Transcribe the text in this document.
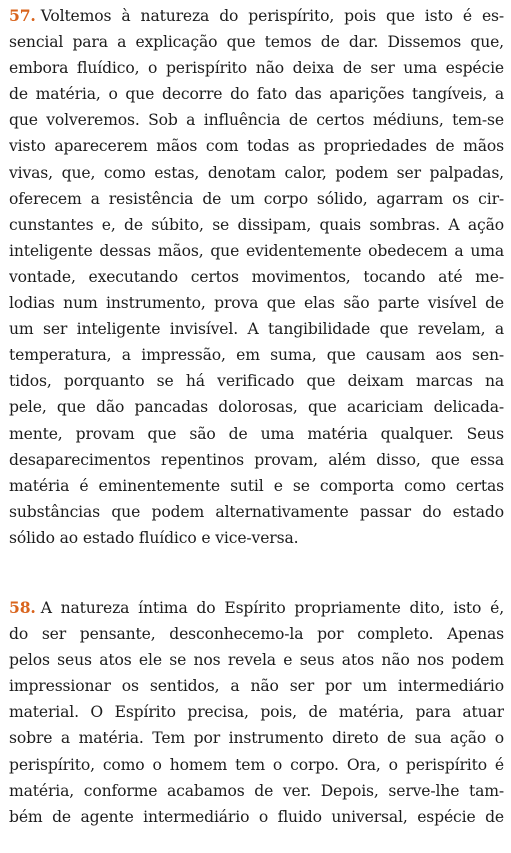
57. Voltemos à natureza do perispírito, pois que isto é es-
sencial para a explicação que temos de dar. Dissemos que,
embora fluídico, o perispírito não deixa de ser uma espécie
de matéria, o que decorre do fato das aparições tangíveis, a
que volveremos. Sob a influência de certos médiuns, tem-se
visto aparecerem mãos com todas as propriedades de mãos
vivas, que, como estas, denotam calor, podem ser palpadas,
oferecem a resistência de um corpo sólido, agarram os cir-
cunstantes e, de súbito, se dissipam, quais sombras. A ação
inteligente dessas mãos, que evidentemente obedecem a uma
vontade, executando certos movimentos, tocando até me-
lodias num instrumento, prova que elas são parte visível de
um ser inteligente invisível. A tangibilidade que revelam, a
temperatura, a impressão, em suma, que causam aos sen-
tidos, porquanto se há verificado que deixam marcas na
pele, que dão pancadas dolorosas, que acariciam delicada-
mente, provam que são de uma matéria qualquer. Seus
desaparecimentos repentinos provam, além disso, que essa
matéria é eminentemente sutil e se comporta como certas
substâncias que podem alternativamente passar do estado
sólido ao estado fluídico e vice-versa.
58. A natureza íntima do Espírito propriamente dito, isto é,
do ser pensante, desconhecemo-la por completo. Apenas
pelos seus atos ele se nos revela e seus atos não nos podem
impressionar os sentidos, a não ser por um intermediário
material. O Espírito precisa, pois, de matéria, para atuar
sobre a matéria. Tem por instrumento direto de sua ação o
perispírito, como o homem tem o corpo. Ora, o perispírito é
matéria, conforme acabamos de ver. Depois, serve-lhe tam-
bém de agente intermediário o fluido universal, espécie de
